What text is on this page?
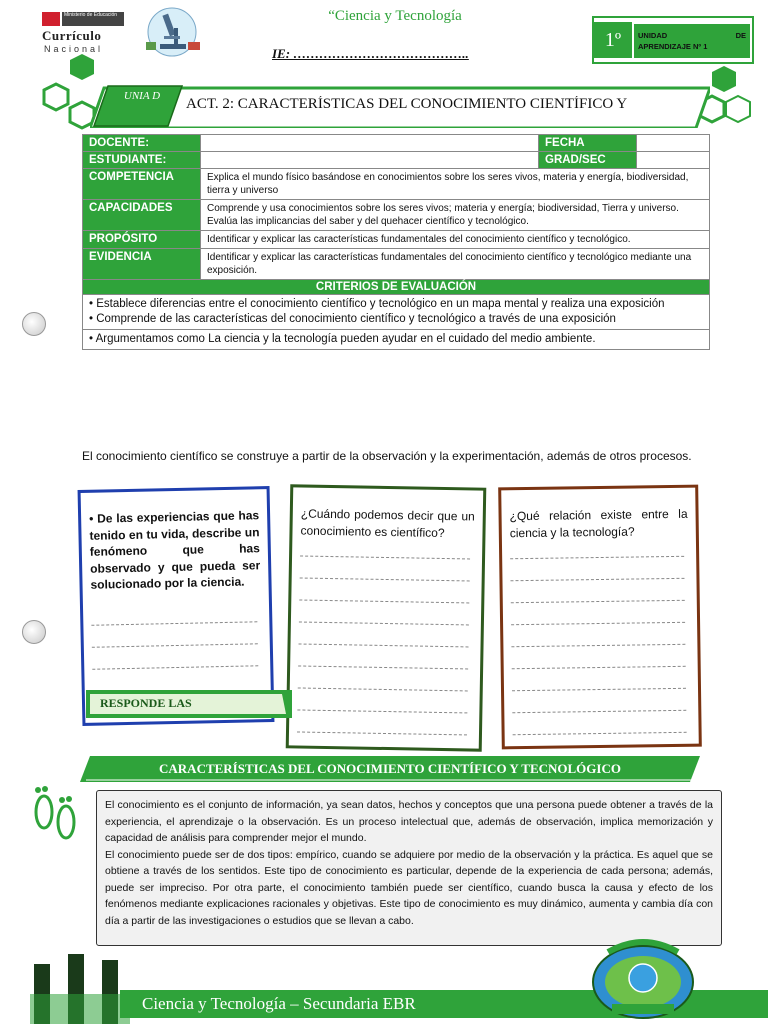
Ministerio de Educación
Currículo
Nacional
“Ciencia y Tecnología
IE: …………………………………..
1º	UNIDAD	DE
APRENDIZAJE Nº 1
UNIA D	ACT. 2: CARACTERÍSTICAS DEL CONOCIMIENTO CIENTÍFICO Y
DOCENTE:		FECHA	
ESTUDIANTE:		GRAD/SEC	
COMPETENCIA	Explica el mundo físico basándose en conocimientos sobre los seres vivos, materia y energía, biodiversidad, tierra y universo		
CAPACIDADES	Comprende y usa conocimientos sobre los seres vivos; materia y energía; biodiversidad, Tierra y universo.
Evalúa las implicancias del saber y del quehacer científico y tecnológico.		

PROPÓSITO	Identificar y explicar las características fundamentales del conocimiento científico y tecnológico.		
EVIDENCIA	Identificar y explicar las características fundamentales del conocimiento científico y tecnológico mediante una exposición.		
CRITERIOS DE EVALUACIÓN			

• Establece diferencias entre el conocimiento científico y tecnológico en un mapa mental y realiza una exposición
• Comprende de las características del conocimiento científico y tecnológico a través de una exposición			

• Argumentamos como La ciencia y la tecnología pueden ayudar en el cuidado del medio ambiente.			
El conocimiento científico se construye a partir de la observación y la experimentación, además de otros procesos.
• De las experiencias que has tenido en tu vida, describe un fenómeno que has observado y que pueda ser solucionado por la ciencia.
¿Cuándo podemos decir que un conocimiento es científico?
¿Qué relación existe entre la ciencia y la tecnología?
RESPONDE LAS
CARACTERÍSTICAS DEL CONOCIMIENTO CIENTÍFICO Y TECNOLÓGICO

El conocimiento es el conjunto de información, ya sean datos, hechos y conceptos que una persona puede obtener a través de la experiencia, el aprendizaje o la observación. Es un proceso intelectual que, además de observación, implica memorización y capacidad de análisis para comprender mejor el mundo.

El conocimiento puede ser de dos tipos: empírico, cuando se adquiere por medio de la observación y la práctica. Es aquel que se obtiene a través de los sentidos. Este tipo de conocimiento es particular, depende de la experiencia de cada persona; además, puede ser impreciso. Por otra parte, el conocimiento también puede ser científico, cuando busca la causa y efecto de los fenómenos mediante explicaciones racionales y objetivas. Este tipo de conocimiento es muy dinámico, aumenta y cambia día con día a partir de las investigaciones o estudios que se llevan a cabo.

Ciencia y Tecnología – Secundaria EBR
